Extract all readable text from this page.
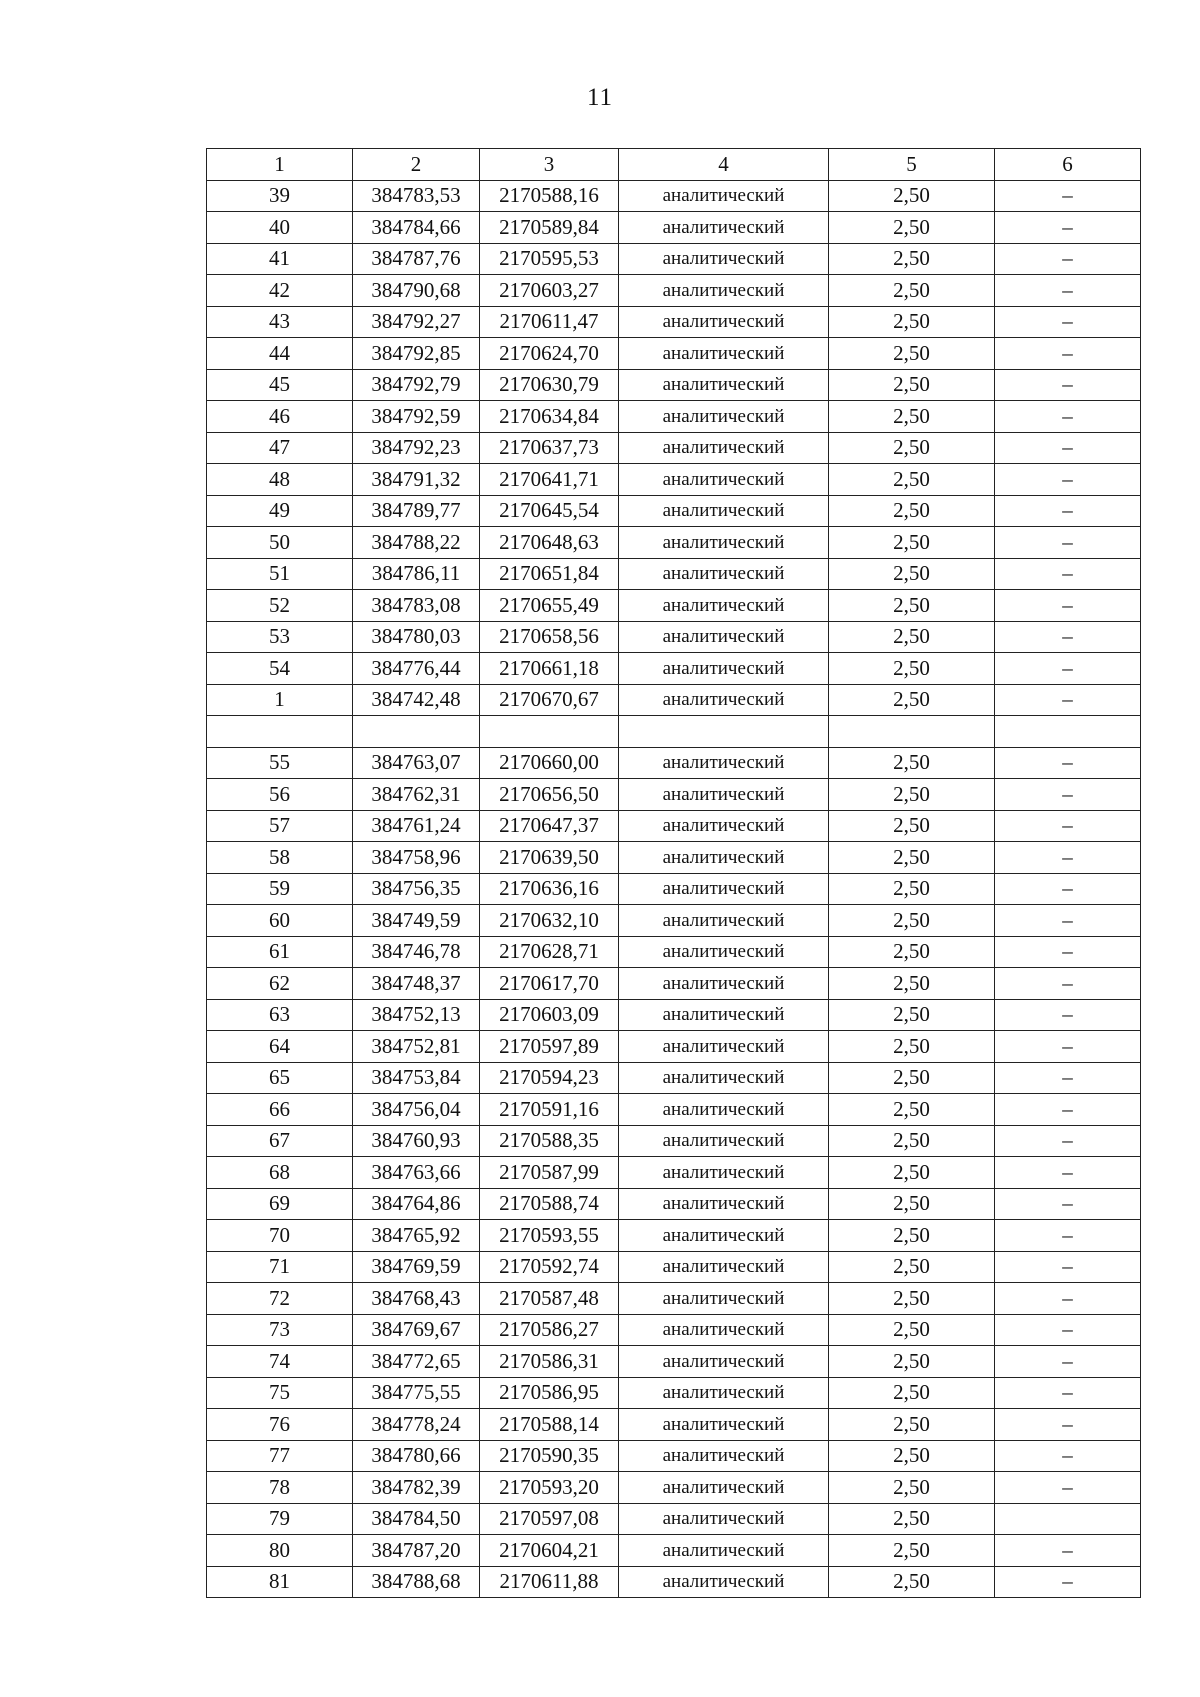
11
1	2	3	4	5	6
39	384783,53	2170588,16	аналитический	2,50	–
40	384784,66	2170589,84	аналитический	2,50	–
41	384787,76	2170595,53	аналитический	2,50	–
42	384790,68	2170603,27	аналитический	2,50	–
43	384792,27	2170611,47	аналитический	2,50	–
44	384792,85	2170624,70	аналитический	2,50	–
45	384792,79	2170630,79	аналитический	2,50	–
46	384792,59	2170634,84	аналитический	2,50	–
47	384792,23	2170637,73	аналитический	2,50	–
48	384791,32	2170641,71	аналитический	2,50	–
49	384789,77	2170645,54	аналитический	2,50	–
50	384788,22	2170648,63	аналитический	2,50	–
51	384786,11	2170651,84	аналитический	2,50	–
52	384783,08	2170655,49	аналитический	2,50	–
53	384780,03	2170658,56	аналитический	2,50	–
54	384776,44	2170661,18	аналитический	2,50	–
1	384742,48	2170670,67	аналитический	2,50	–

55	384763,07	2170660,00	аналитический	2,50	–
56	384762,31	2170656,50	аналитический	2,50	–
57	384761,24	2170647,37	аналитический	2,50	–
58	384758,96	2170639,50	аналитический	2,50	–
59	384756,35	2170636,16	аналитический	2,50	–
60	384749,59	2170632,10	аналитический	2,50	–
61	384746,78	2170628,71	аналитический	2,50	–
62	384748,37	2170617,70	аналитический	2,50	–
63	384752,13	2170603,09	аналитический	2,50	–
64	384752,81	2170597,89	аналитический	2,50	–
65	384753,84	2170594,23	аналитический	2,50	–
66	384756,04	2170591,16	аналитический	2,50	–
67	384760,93	2170588,35	аналитический	2,50	–
68	384763,66	2170587,99	аналитический	2,50	–
69	384764,86	2170588,74	аналитический	2,50	–
70	384765,92	2170593,55	аналитический	2,50	–
71	384769,59	2170592,74	аналитический	2,50	–
72	384768,43	2170587,48	аналитический	2,50	–
73	384769,67	2170586,27	аналитический	2,50	–
74	384772,65	2170586,31	аналитический	2,50	–
75	384775,55	2170586,95	аналитический	2,50	–
76	384778,24	2170588,14	аналитический	2,50	–
77	384780,66	2170590,35	аналитический	2,50	–
78	384782,39	2170593,20	аналитический	2,50	–
79	384784,50	2170597,08	аналитический	2,50	
80	384787,20	2170604,21	аналитический	2,50	–
81	384788,68	2170611,88	аналитический	2,50	–
